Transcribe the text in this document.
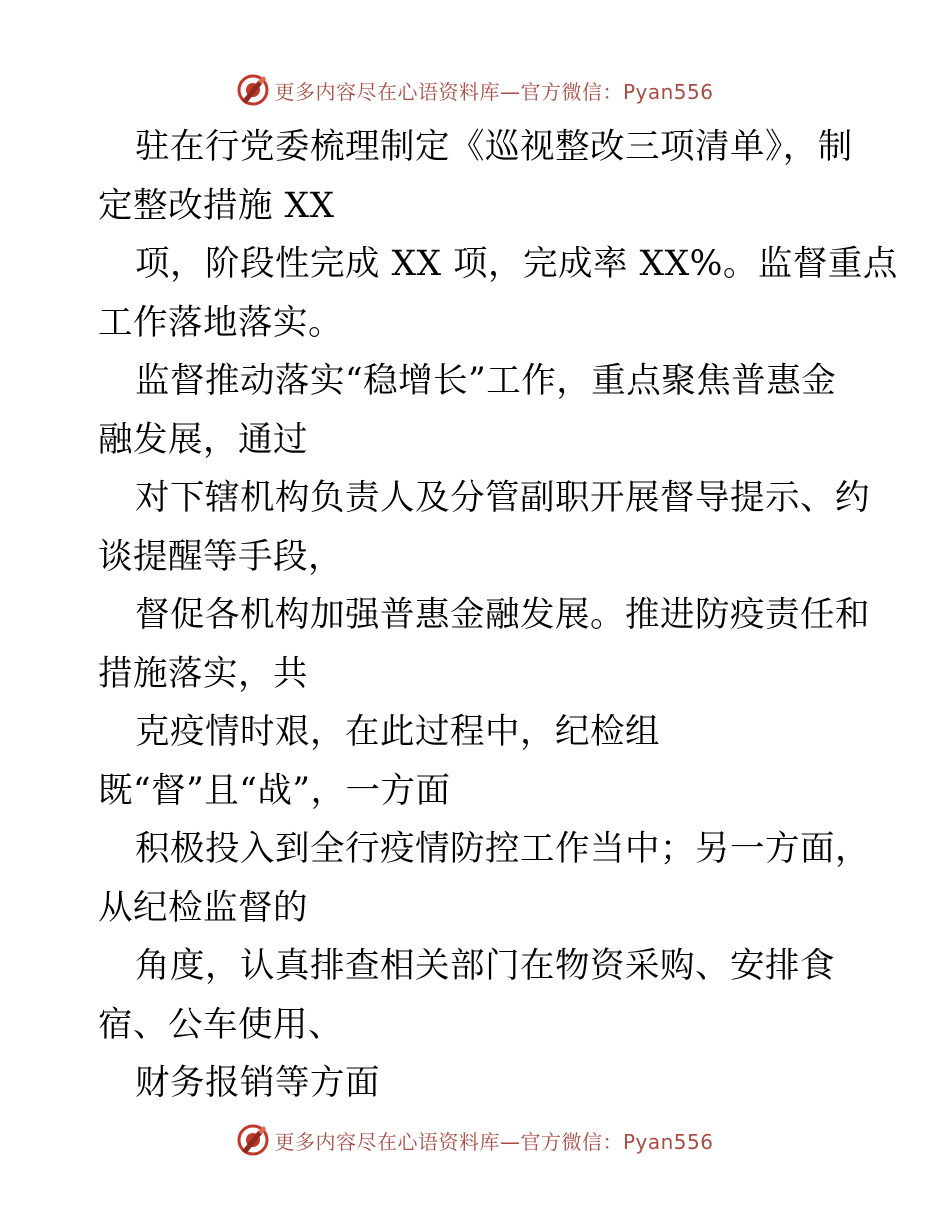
更多内容尽在心语资料库—官方微信：Pyan556
驻在行党委梳理制定《巡视整改三项清单》，制
定整改措施 XX
项，阶段性完成 XX 项，完成率 XX%。监督重点
工作落地落实。
监督推动落实“稳增长”工作，重点聚焦普惠金
融发展，通过
对下辖机构负责人及分管副职开展督导提示、约
谈提醒等手段，
督促各机构加强普惠金融发展。推进防疫责任和
措施落实，共
克疫情时艰，在此过程中，纪检组
既“督”且“战”，一方面
积极投入到全行疫情防控工作当中；另一方面，
从纪检监督的
角度，认真排查相关部门在物资采购、安排食
宿、公车使用、
财务报销等方面
更多内容尽在心语资料库—官方微信：Pyan556
